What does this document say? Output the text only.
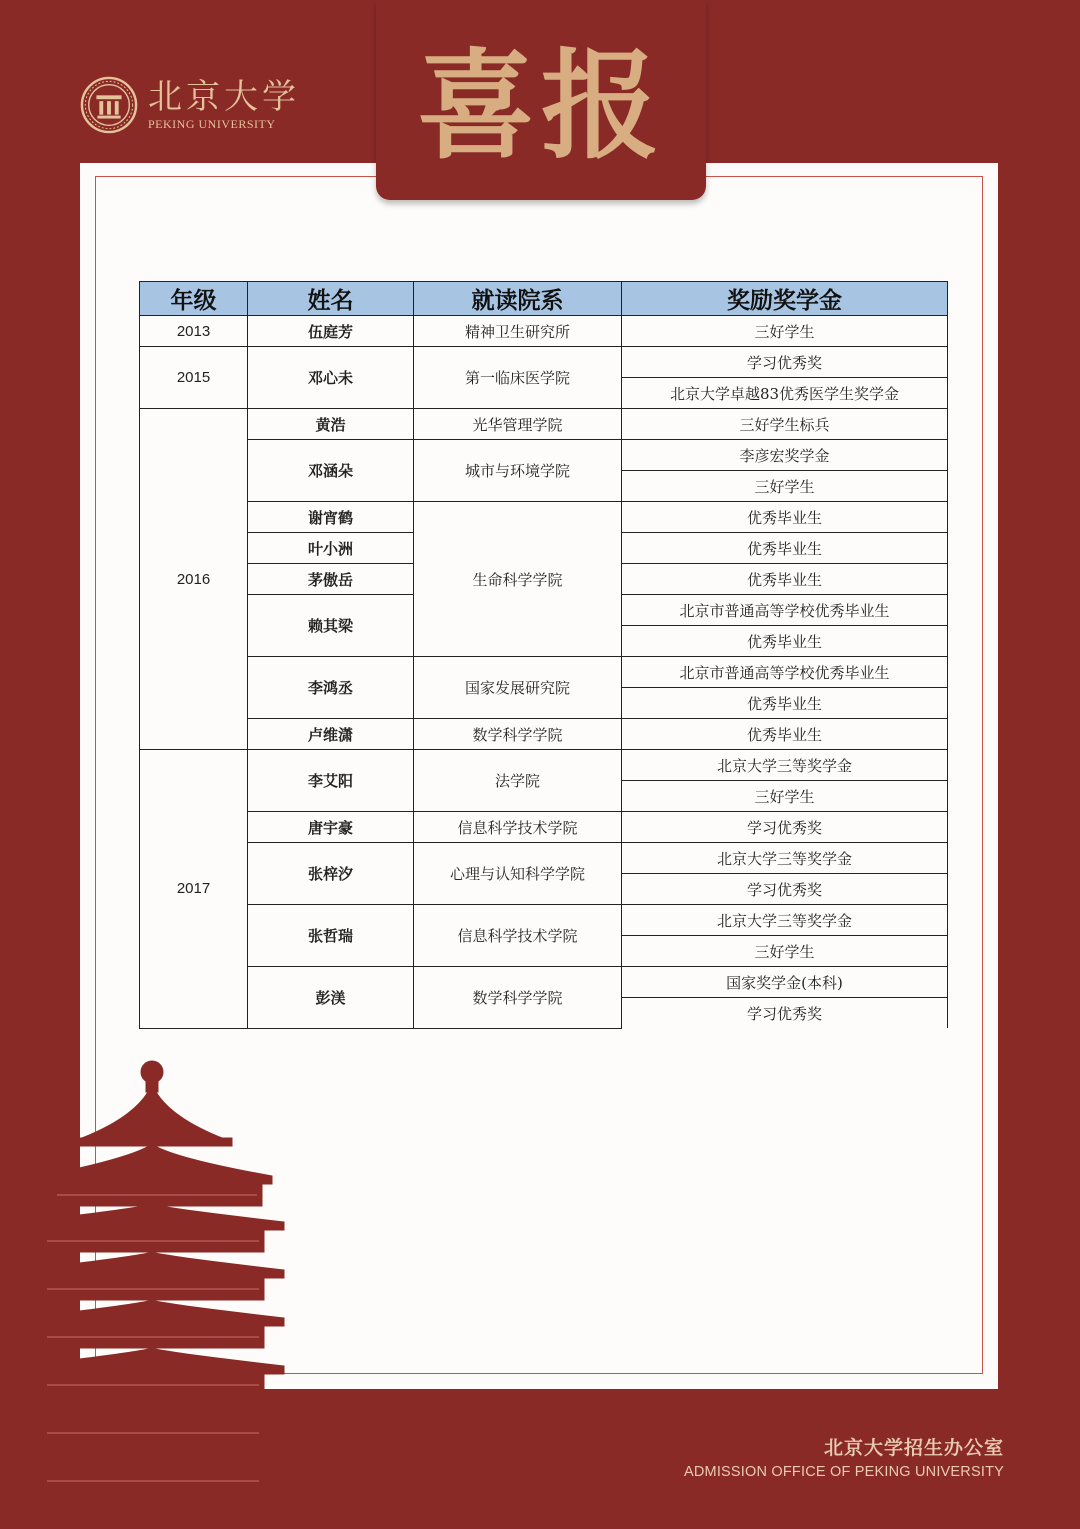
北京大学
PEKING UNIVERSITY 喜报
年级	姓名	就读院系	奖励奖学金
2013	伍庭芳	精神卫生研究所	三好学生
2015	邓心未	第一临床医学院	学习优秀奖
			北京大学卓越83优秀医学生奖学金
2016	黄浩	光华管理学院	三好学生标兵
	邓涵朵	城市与环境学院	李彦宏奖学金
			三好学生
	谢宵鹤	生命科学学院	优秀毕业生
	叶小洲		优秀毕业生
	茅傲岳		优秀毕业生
	赖其梁		北京市普通高等学校优秀毕业生
			优秀毕业生
	李鸿丞	国家发展研究院	北京市普通高等学校优秀毕业生
			优秀毕业生
	卢维潇	数学科学学院	优秀毕业生
2017	李艾阳	法学院	北京大学三等奖学金
			三好学生
	唐宇豪	信息科学技术学院	学习优秀奖
	张梓汐	心理与认知科学学院	北京大学三等奖学金
			学习优秀奖
	张哲瑞	信息科学技术学院	北京大学三等奖学金
			三好学生
	彭渼	数学科学学院	国家奖学金(本科)
			学习优秀奖
北京大学招生办公室
ADMISSION OFFICE OF PEKING UNIVERSITY
